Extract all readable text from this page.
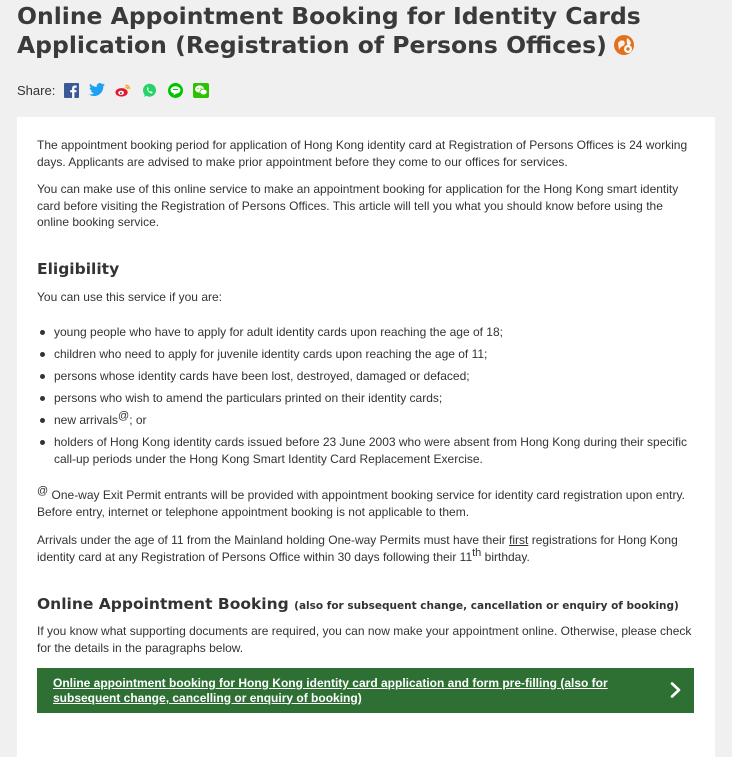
Online Appointment Booking for Identity Cards
Application (Registration of Persons Offices)
Share:

The appointment booking period for application of Hong Kong identity card at Registration of Persons Offices is 24 working days. Applicants are advised to make prior appointment before they come to our offices for services.

You can make use of this online service to make an appointment booking for application for the Hong Kong smart identity card before visiting the Registration of Persons Offices. This article will tell you what you should know before using the online booking service.

Eligibility

You can use this service if you are:

young people who have to apply for adult identity cards upon reaching the age of 18;
children who need to apply for juvenile identity cards upon reaching the age of 11;
persons whose identity cards have been lost, destroyed, damaged or defaced;
persons who wish to amend the particulars printed on their identity cards;
new arrivals@; or
holders of Hong Kong identity cards issued before 23 June 2003 who were absent from Hong Kong during their specific call-up periods under the Hong Kong Smart Identity Card Replacement Exercise.

@ One-way Exit Permit entrants will be provided with appointment booking service for identity card registration upon entry. Before entry, internet or telephone appointment booking is not applicable to them.

Arrivals under the age of 11 from the Mainland holding One-way Permits must have their first registrations for Hong Kong identity card at any Registration of Persons Office within 30 days following their 11th birthday.

Online Appointment Booking (also for subsequent change, cancellation or enquiry of booking)

If you know what supporting documents are required, you can now make your appointment online. Otherwise, please check for the details in the paragraphs below.

Online appointment booking for Hong Kong identity card application and form pre-filling (also for subsequent change, cancelling or enquiry of booking)
